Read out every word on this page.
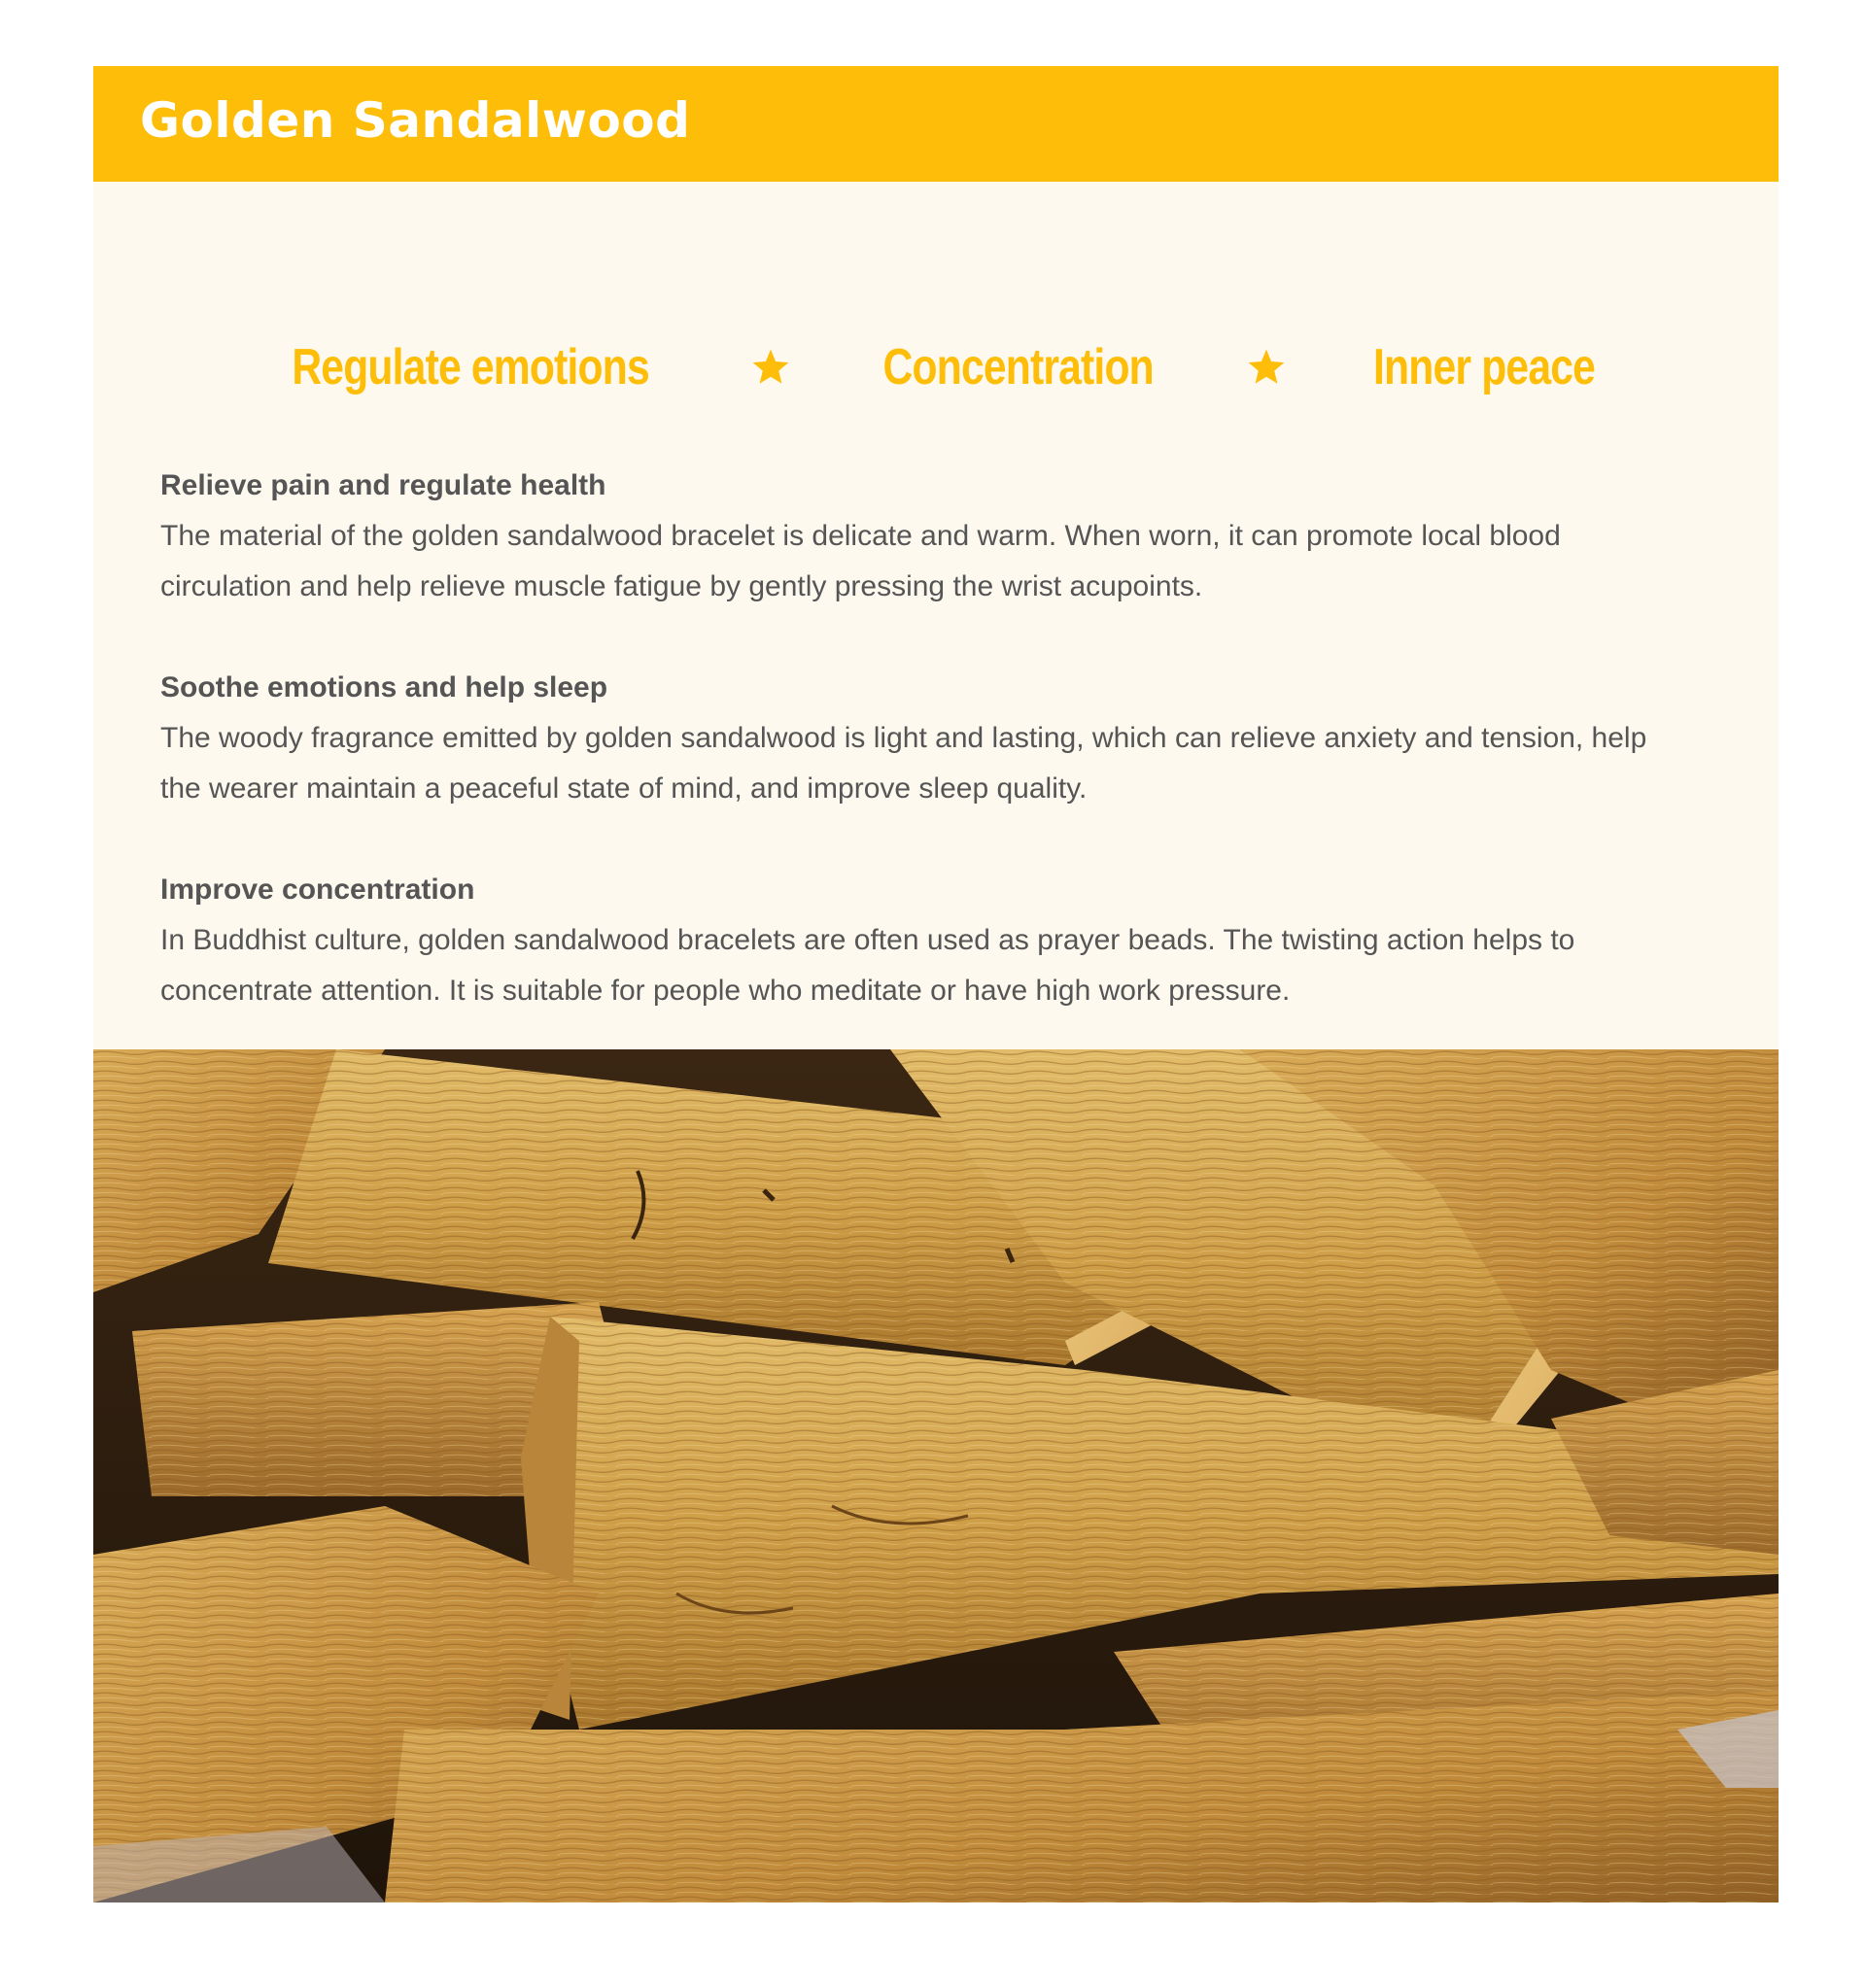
Golden Sandalwood
Regulate emotions	Concentration	Inner peace
Relieve pain and regulate health
The material of the golden sandalwood bracelet is delicate and warm. When worn, it can promote local blood circulation and help relieve muscle fatigue by gently pressing the wrist acupoints.
Soothe emotions and help sleep
The woody fragrance emitted by golden sandalwood is light and lasting, which can relieve anxiety and tension, help the wearer maintain a peaceful state of mind, and improve sleep quality.
Improve concentration
In Buddhist culture, golden sandalwood bracelets are often used as prayer beads. The twisting action helps to concentrate attention. It is suitable for people who meditate or have high work pressure.
